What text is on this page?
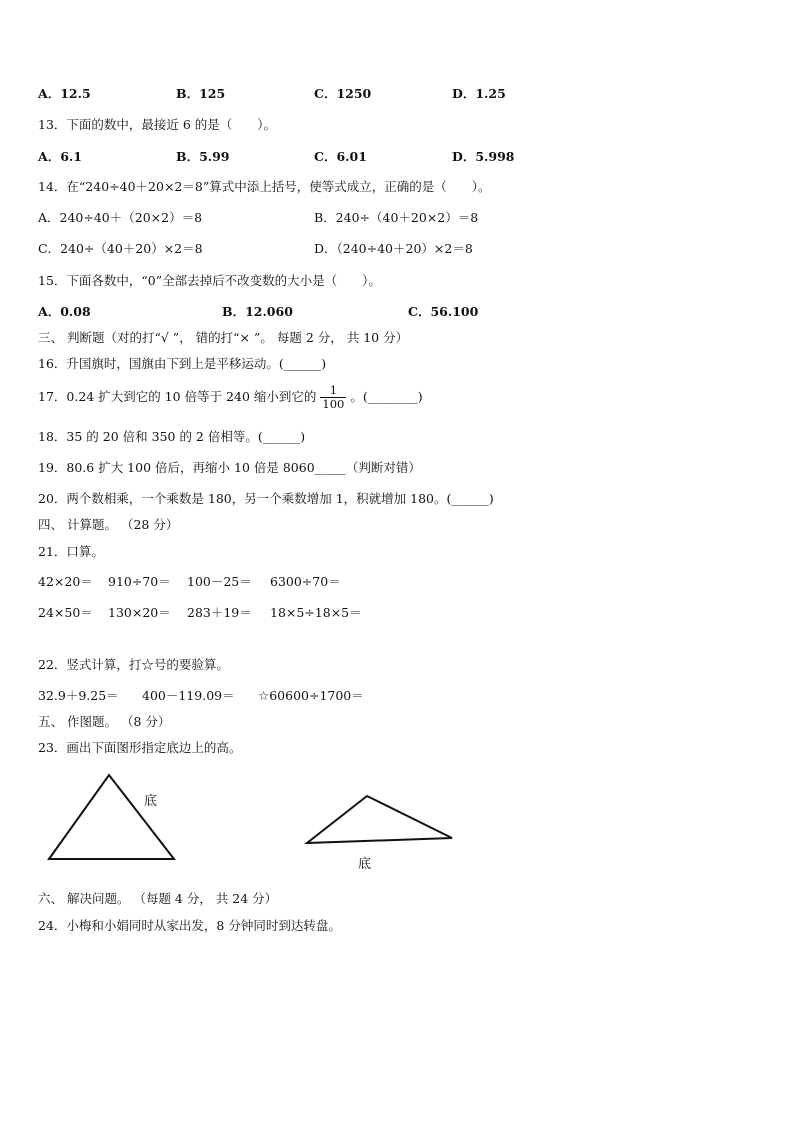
A．12.5	B．125	C．1250	D．1.25
13．下面的数中，最接近 6 的是（　　）。
A．6.1	B．5.99	C．6.01	D．5.998
14．在“240÷40＋20×2＝8”算式中添上括号，使等式成立，正确的是（　　）。
A．240÷40＋（20×2）＝8	B．240÷（40＋20×2）＝8
C．240÷（40＋20）×2＝8	D．（240÷40＋20）×2＝8
15．下面各数中，“0”全部去掉后不改变数的大小是（　　）。
A．0.08	B．12.060	C．56.100
三、 判断题（对的打“√ ”， 错的打“× ”。 每题 2 分， 共 10 分）
16．升国旗时，国旗由下到上是平移运动。(______)
17．0.24 扩大到它的 10 倍等于 240 缩小到它的 $\frac{1}{100}$ 。(________)
18．35 的 20 倍和 350 的 2 倍相等。(______)
19．80.6 扩大 100 倍后，再缩小 10 倍是 8060_____（判断对错）
20．两个数相乘，一个乘数是 180，另一个乘数增加 1，积就增加 180。(______)
四、 计算题。 （28 分）
21．口算。
42×20＝ 910÷70＝ 100－25＝ 6300÷70＝
24×50＝ 130×20＝ 283＋19＝ 18×5÷18×5＝
22．竖式计算，打☆号的要验算。
32.9＋9.25＝ 400－119.09＝ ☆60600÷1700＝
五、 作图题。 （8 分）
23．画出下面图形指定底边上的高。
底
底
六、 解决问题。 （每题 4 分， 共 24 分）
24．小梅和小娟同时从家出发，8 分钟同时到达转盘。
